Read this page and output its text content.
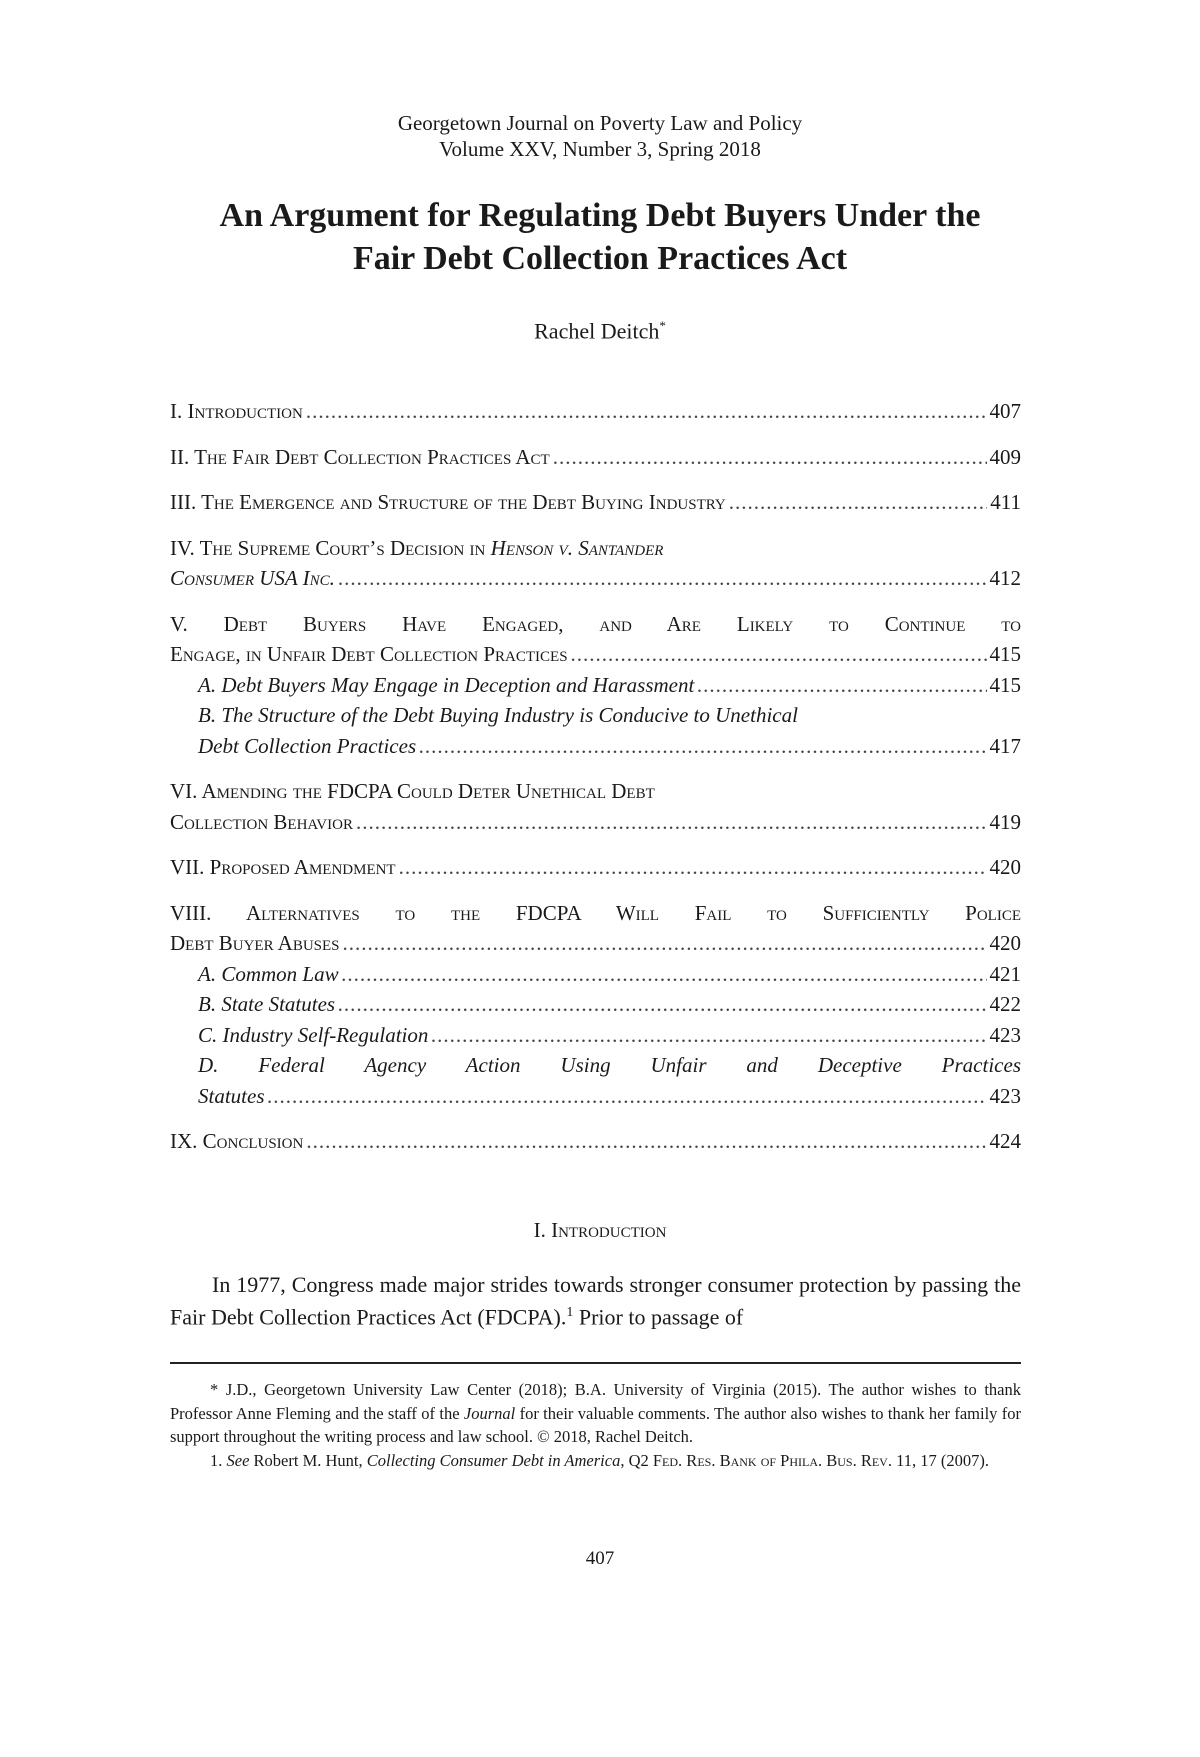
Georgetown Journal on Poverty Law and Policy
Volume XXV, Number 3, Spring 2018
An Argument for Regulating Debt Buyers Under the
Fair Debt Collection Practices Act
Rachel Deitch*
I. Introduction .....	407
II. The Fair Debt Collection Practices Act .....	409
III. The Emergence and Structure of the Debt Buying Industry .....	411
IV. The Supreme Court’s Decision in
Henson v. Santander
Consumer USA Inc. .....	412
V. Debt Buyers Have Engaged, and Are Likely to Continue to
Engage, in Unfair Debt Collection Practices .....	415
A. Debt Buyers May Engage in Deception and Harassment .....	415
B. The Structure of the Debt Buying Industry is Conducive to Unethical
Debt Collection Practices .....	417
VI. Amending the FDCPA Could Deter Unethical Debt
Collection Behavior .....	419
VII. Proposed Amendment .....	420
VIII. Alternatives to the FDCPA Will Fail to Sufficiently Police
Debt Buyer Abuses .....	420
A. Common Law .....	421
B. State Statutes .....	422
C. Industry Self-Regulation .....	423
D. Federal Agency Action Using Unfair and Deceptive Practices
Statutes .....	423
IX. Conclusion .....	424
I. Introduction

In 1977, Congress made major strides towards stronger consumer protection by passing the Fair Debt Collection Practices Act (FDCPA).$^1$ Prior to passage of

* J.D., Georgetown University Law Center (2018); B.A. University of Virginia (2015). The author wishes to thank Professor Anne Fleming and the staff of the Journal for their valuable comments. The author also wishes to thank her family for support throughout the writing process and law school. © 2018, Rachel Deitch.

1. See Robert M. Hunt, Collecting Consumer Debt in America, Q2 Fed. Res. Bank of Phila. Bus. Rev. 11, 17 (2007).

407
